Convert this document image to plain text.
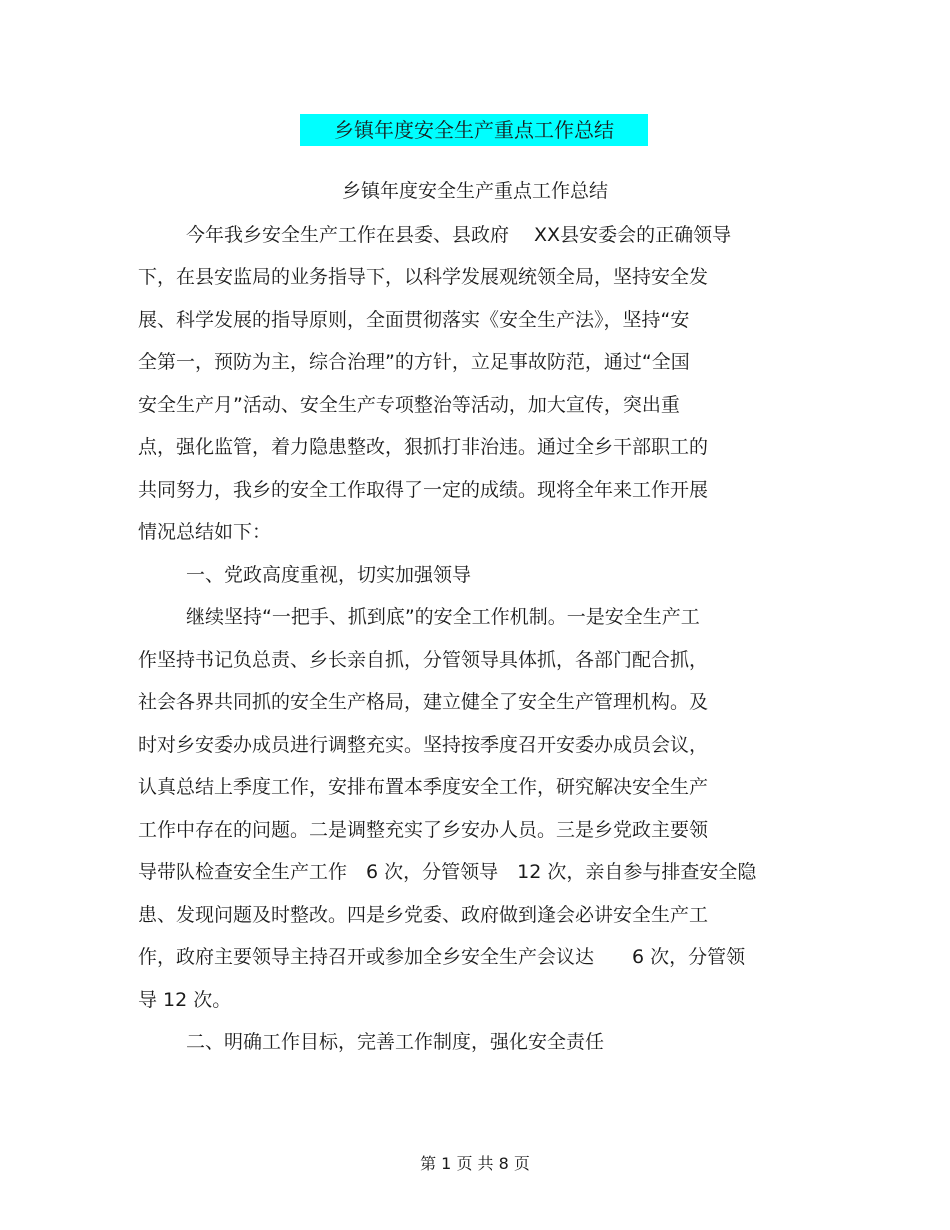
乡镇年度安全生产重点工作总结
乡镇年度安全生产重点工作总结
今年我乡安全生产工作在县委、县政府　 XX县安委会的正确领导
下，在县安监局的业务指导下，以科学发展观统领全局，坚持安全发
展、科学发展的指导原则，全面贯彻落实《安全生产法》，坚持“安
全第一，预防为主，综合治理”的方针，立足事故防范，通过“全国
安全生产月”活动、安全生产专项整治等活动，加大宣传，突出重
点，强化监管，着力隐患整改，狠抓打非治违。通过全乡干部职工的
共同努力，我乡的安全工作取得了一定的成绩。现将全年来工作开展
情况总结如下：
一、党政高度重视，切实加强领导
继续坚持“一把手、抓到底”的安全工作机制。一是安全生产工
作坚持书记负总责、乡长亲自抓，分管领导具体抓，各部门配合抓，
社会各界共同抓的安全生产格局，建立健全了安全生产管理机构。及
时对乡安委办成员进行调整充实。坚持按季度召开安委办成员会议，
认真总结上季度工作，安排布置本季度安全工作，研究解决安全生产
工作中存在的问题。二是调整充实了乡安办人员。三是乡党政主要领
导带队检查安全生产工作　6 次，分管领导　12 次，亲自参与排查安全隐
患、发现问题及时整改。四是乡党委、政府做到逢会必讲安全生产工
作，政府主要领导主持召开或参加全乡安全生产会议达　　6 次，分管领
导 12 次。
二、明确工作目标，完善工作制度，强化安全责任
第 1 页 共 8 页
